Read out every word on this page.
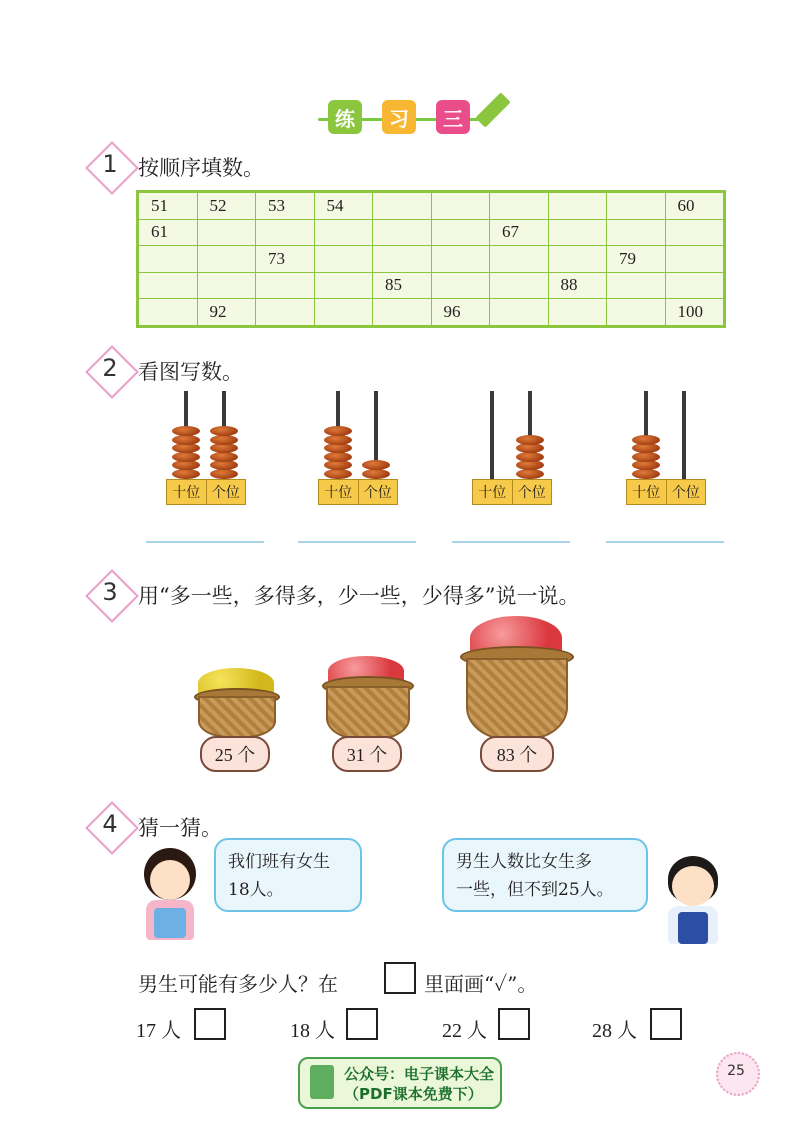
练	习	三
1 按顺序填数。
51	52	53	54						60
61						67			
		73						79	
				85			88		
	92				96				100
2 看图写数。
十位 个位	十位 个位	十位 个位	十位 个位
3 用“多一些，多得多，少一些，少得多”说一说。
25 个	31 个	83 个
4 猜一猜。
我们班有女生
18人。
男生人数比女生多
一些，但不到25人。
男生可能有多少人？在	里面画“✓”。
17 人	18 人	22 人	28 人
公众号：电子课本大全
（PDF课本免费下）
25
